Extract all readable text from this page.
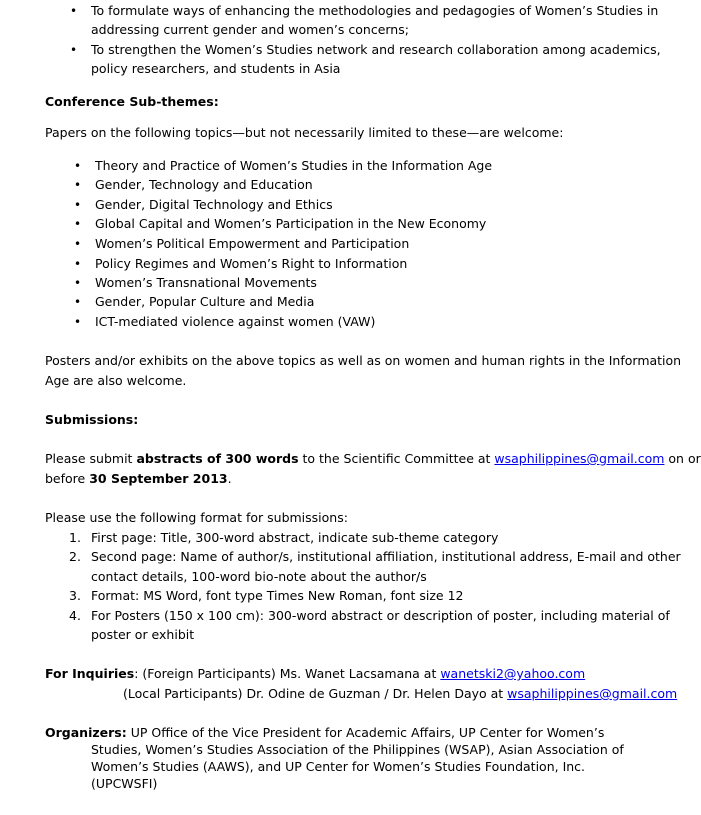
• To formulate ways of enhancing the methodologies and pedagogies of Women’s Studies in
addressing current gender and women’s concerns;
• To strengthen the Women’s Studies network and research collaboration among academics,
policy researchers, and students in Asia
Conference Sub-themes:
Papers on the following topics—but not necessarily limited to these—are welcome:
• Theory and Practice of Women’s Studies in the Information Age
• Gender, Technology and Education
• Gender, Digital Technology and Ethics
• Global Capital and Women’s Participation in the New Economy
• Women’s Political Empowerment and Participation
• Policy Regimes and Women’s Right to Information
• Women’s Transnational Movements
• Gender, Popular Culture and Media
• ICT-mediated violence against women (VAW)
Posters and/or exhibits on the above topics as well as on women and human rights in the Information
Age are also welcome.
Submissions:
Please submit abstracts of 300 words to the Scientific Committee at wsaphilippines@gmail.com on or
before 30 September 2013.
Please use the following format for submissions:
1. First page: Title, 300-word abstract, indicate sub-theme category
2. Second page: Name of author/s, institutional affiliation, institutional address, E-mail and other
contact details, 100-word bio-note about the author/s
3. Format: MS Word, font type Times New Roman, font size 12
4. For Posters (150 x 100 cm): 300-word abstract or description of poster, including material of
poster or exhibit
For Inquiries: (Foreign Participants) Ms. Wanet Lacsamana at wanetski2@yahoo.com
(Local Participants) Dr. Odine de Guzman / Dr. Helen Dayo at wsaphilippines@gmail.com
Organizers: UP Office of the Vice President for Academic Affairs, UP Center for Women’s
Studies, Women’s Studies Association of the Philippines (WSAP), Asian Association of
Women’s Studies (AAWS), and UP Center for Women’s Studies Foundation, Inc.
(UPCWSFI)
